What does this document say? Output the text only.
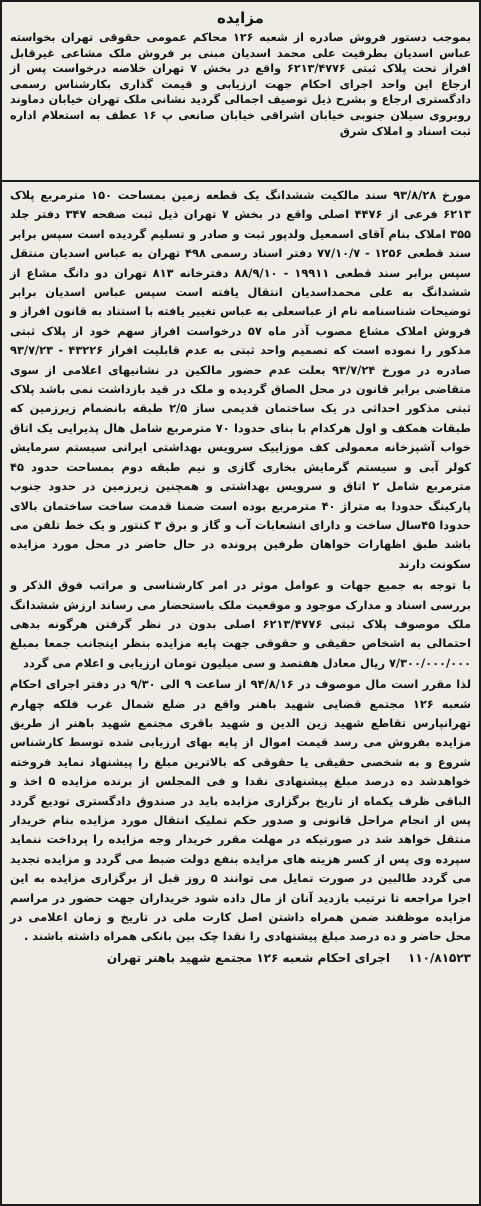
مزایده

بموجب دستور فروش صادره از شعبه ۱۲۶ محاکم عمومی حقوقی تهران بخواسته عباس اسدیان بطرفیت علی محمد اسدیان مبنی بر فروش ملک مشاعی غیرقابل افراز تحت پلاک ثبتی ۶۲۱۳/۴۷۷۶ واقع در بخش ۷ تهران خلاصه درخواست پس از ارجاع این واحد اجرای احکام جهت ارزیابی و قیمت گذاری بکارشناس رسمی دادگستری ارجاع و بشرح ذیل توصیف اجمالی گردید نشانی ملک تهران خیابان دماوند روبروی سیلان جنوبی خیابان اشراقی خیابان صانعی پ ۱۶ عطف به استعلام اداره ثبت اسناد و املاک شرق

مورخ ۹۳/۸/۲۸ سند مالکیت ششدانگ یک قطعه زمین بمساحت ۱۵۰ مترمربع پلاک ۶۲۱۳ فرعی از ۴۴۷۶ اصلی واقع در بخش ۷ تهران ذیل ثبت صفحه ۳۴۷ دفتر جلد ۳۵۵ املاک بنام آقای اسمعیل ولدپور ثبت و صادر و تسلیم گردیده است سپس برابر سند قطعی ۱۲۵۶ - ۷۷/۱۰/۷ دفتر اسناد رسمی ۴۹۸ تهران به عباس اسدیان منتقل سپس برابر سند قطعی ۱۹۹۱۱ - ۸۸/۹/۱۰ دفترخانه ۸۱۳ تهران دو دانگ مشاع از ششدانگ به علی محمداسدیان انتقال یافته است سپس عباس اسدیان برابر توضیحات شناسنامه نام از عباسعلی به عباس تغییر یافته با استناد به قانون افراز و فروش املاک مشاع مصوب آذر ماه ۵۷ درخواست افراز سهم خود از پلاک ثبتی مذکور را نموده است که تصمیم واحد ثبتی به عدم قابلیت افراز ۴۳۲۲۶ - ۹۳/۷/۲۳ صادره در مورخ ۹۳/۷/۲۴ بعلت عدم حضور مالکین در نشانیهای اعلامی از سوی متقاضی برابر قانون در محل الصاق گردیده و ملک در قید بازداشت نمی باشد پلاک ثبتی مذکور احداثی در یک ساختمان قدیمی ساز ۲/۵ طبقه بانضمام زیرزمین که طبقات همکف و اول هرکدام با بنای حدودا ۷۰ مترمربع شامل هال پذیرایی یک اتاق خواب آشپزخانه معمولی کف موزاییک سرویس بهداشتی ایرانی سیستم سرمایش کولر آبی و سیستم گرمایش بخاری گازی و نیم طبقه دوم بمساحت حدود ۴۵ مترمربع شامل ۲ اتاق و سرویس بهداشتی و همچنین زیرزمین در حدود جنوب پارکینگ حدودا به متراژ ۴۰ مترمربع بوده است ضمنا قدمت ساخت ساختمان بالای حدودا ۴۵سال ساخت و دارای انشعابات آب و گاز و برق ۳ کنتور و یک خط تلفن می باشد طبق اظهارات خواهان طرفین پرونده در حال حاضر در محل مورد مزایده سکونت دارند

با توجه به جمیع جهات و عوامل موثر در امر کارشناسی و مراتب فوق الذکر و بررسی اسناد و مدارک موجود و موقعیت ملک باستحضار می رساند ارزش ششدانگ ملک موصوف پلاک ثبتی ۶۲۱۳/۴۷۷۶ اصلی بدون در نظر گرفتن هرگونه بدهی احتمالی به اشخاص حقیقی و حقوقی جهت پایه مزایده بنظر اینجانب جمعا بمبلغ ۷/۳۰۰/۰۰۰/۰۰۰ ریال معادل هفتصد و سی میلیون تومان ارزیابی و اعلام می گردد

لذا مقرر است مال موصوف در ۹۴/۸/۱۶ از ساعت ۹ الی ۹/۳۰ در دفتر اجرای احکام شعبه ۱۲۶ مجتمع قضایی شهید باهنر واقع در ضلع شمال غرب فلکه چهارم تهرانپارس تقاطع شهید زین الدین و شهید باقری مجتمع شهید باهنر از طریق مزایده بفروش می رسد قیمت اموال از پایه بهای ارزیابی شده توسط کارشناس شروع و به شخصی حقیقی یا حقوقی که بالاترین مبلغ را پیشنهاد نماید فروخته خواهدشد ده درصد مبلغ پیشنهادی نقدا و فی المجلس از برنده مزایده ۵ اخذ و الباقی ظرف یکماه از تاریخ برگزاری مزایده باید در صندوق دادگستری تودیع گردد پس از انجام مراحل قانونی و صدور حکم تملیک انتقال مورد مزایده بنام خریدار منتقل خواهد شد در صورتیکه در مهلت مقرر خریدار وجه مزایده را پرداخت ننماید سپرده وی پس از کسر هزینه های مزایده بنفع دولت ضبط می گردد و مزایده تجدید می گردد طالبین در صورت تمایل می توانند ۵ روز قبل از برگزاری مزایده به این اجرا مراجعه تا ترتیب بازدید آنان از مال داده شود خریداران جهت حضور در مراسم مزایده موظفند ضمن همراه داشتن اصل کارت ملی در تاریخ و زمان اعلامی در محل حاضر و ده درصد مبلغ پیشنهادی را نقدا چک بین بانکی همراه داشته باشند .

۱۱۰/۸۱۵۲۳
اجرای احکام شعبه ۱۲۶ مجتمع شهید باهنر تهران
